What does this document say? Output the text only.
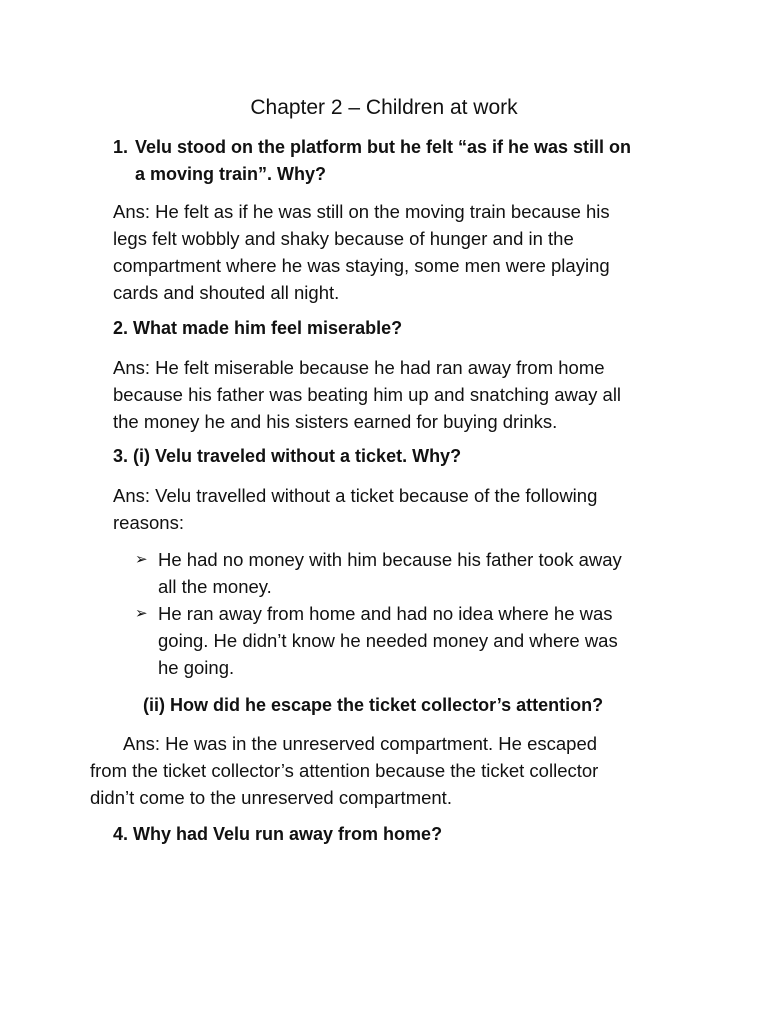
Chapter 2 – Children at work
1. Velu stood on the platform but he felt “as if he was still on
a moving train”. Why?
Ans: He felt as if he was still on the moving train because his
legs felt wobbly and shaky because of hunger and in the
compartment where he was staying, some men were playing
cards and shouted all night.
2. What made him feel miserable?
Ans: He felt miserable because he had ran away from home
because his father was beating him up and snatching away all
the money he and his sisters earned for buying drinks.
3. (i) Velu traveled without a ticket. Why?
Ans: Velu travelled without a ticket because of the following
reasons:
➢ He had no money with him because his father took away
all the money.
➢ He ran away from home and had no idea where he was
going. He didn’t know he needed money and where was
he going.
(ii) How did he escape the ticket collector’s attention?
Ans: He was in the unreserved compartment. He escaped
from the ticket collector’s attention because the ticket collector
didn’t come to the unreserved compartment.
4. Why had Velu run away from home?
